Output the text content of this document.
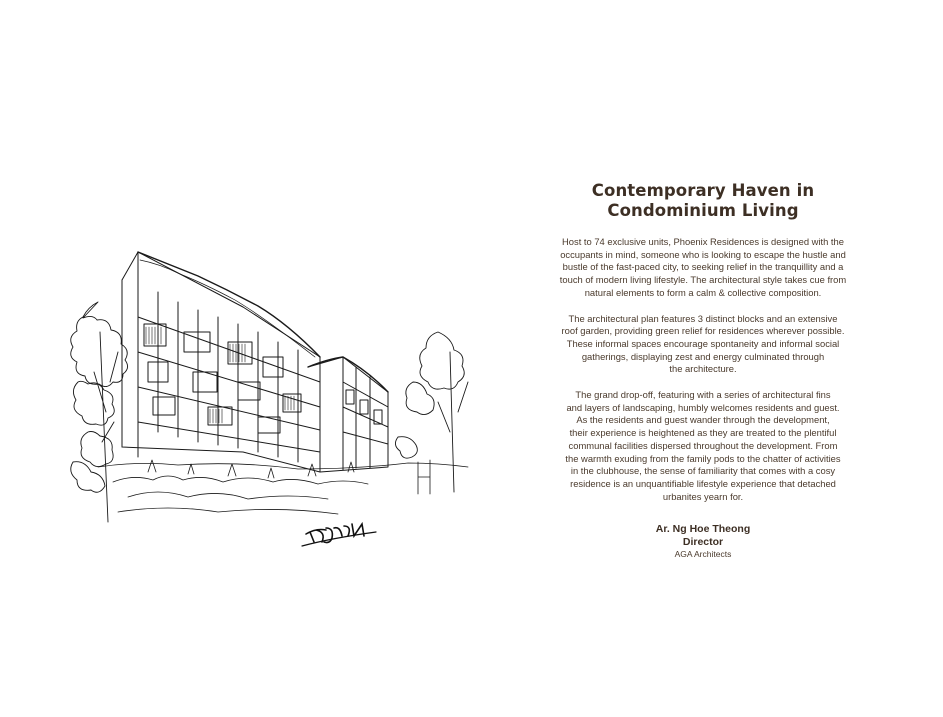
EDISON
Contemporary Haven in
Condominium Living

Host to 74 exclusive units, Phoenix Residences is designed with the
occupants in mind, someone who is looking to escape the hustle and
bustle of the fast-paced city, to seeking relief in the tranquillity and a
touch of modern living lifestyle. The architectural style takes cue from
natural elements to form a calm & collective composition.

The architectural plan features 3 distinct blocks and an extensive
roof garden, providing green relief for residences wherever possible.
These informal spaces encourage spontaneity and informal social
gatherings, displaying zest and energy culminated through
the architecture.

The grand drop-off, featuring with a series of architectural fins
and layers of landscaping, humbly welcomes residents and guest.
As the residents and guest wander through the development,
their experience is heightened as they are treated to the plentiful
communal facilities dispersed throughout the development. From
the warmth exuding from the family pods to the chatter of activities
in the clubhouse, the sense of familiarity that comes with a cosy
residence is an unquantifiable lifestyle experience that detached
urbanites yearn for.

Ar. Ng Hoe Theong
Director
AGA Architects
